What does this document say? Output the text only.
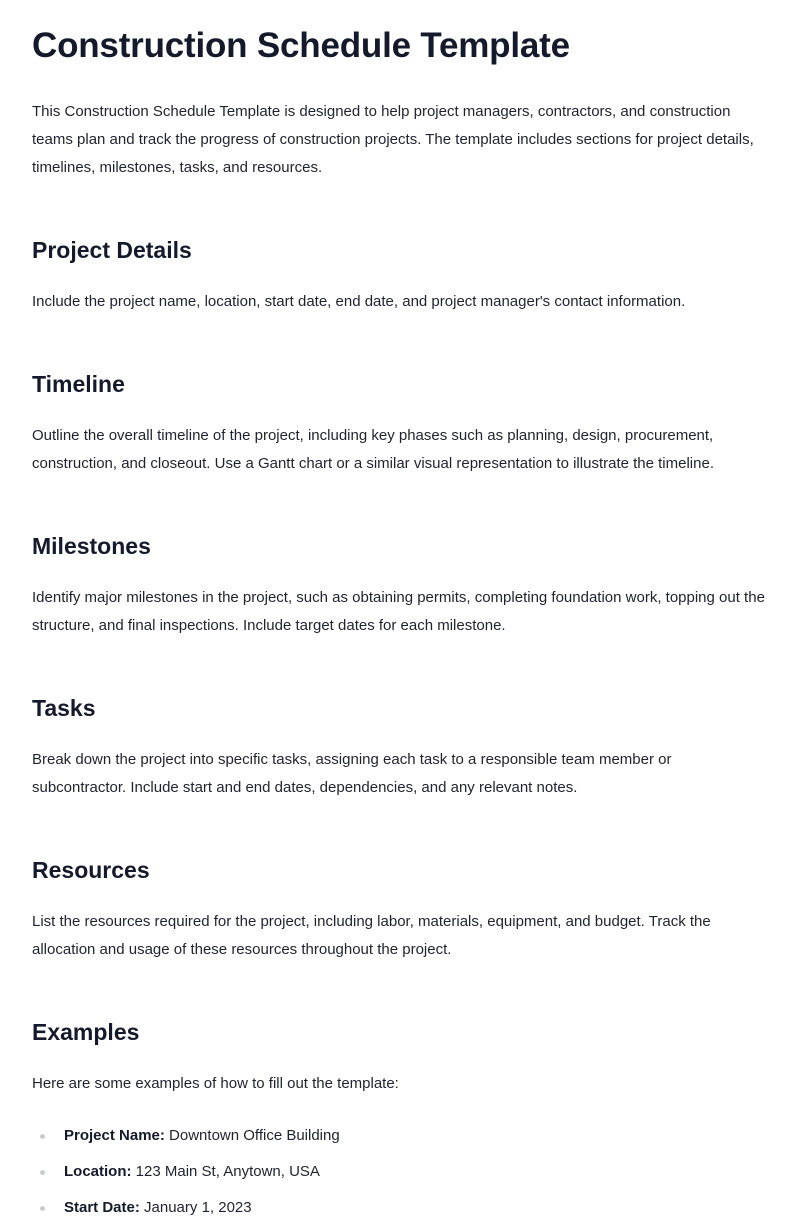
Construction Schedule Template

This Construction Schedule Template is designed to help project managers, contractors, and construction teams plan and track the progress of construction projects. The template includes sections for project details, timelines, milestones, tasks, and resources.

Project Details

Include the project name, location, start date, end date, and project manager's contact information.

Timeline

Outline the overall timeline of the project, including key phases such as planning, design, procurement, construction, and closeout. Use a Gantt chart or a similar visual representation to illustrate the timeline.

Milestones

Identify major milestones in the project, such as obtaining permits, completing foundation work, topping out the structure, and final inspections. Include target dates for each milestone.

Tasks

Break down the project into specific tasks, assigning each task to a responsible team member or subcontractor. Include start and end dates, dependencies, and any relevant notes.

Resources

List the resources required for the project, including labor, materials, equipment, and budget. Track the allocation and usage of these resources throughout the project.

Examples

Here are some examples of how to fill out the template:

Project Name: Downtown Office Building
Location: 123 Main St, Anytown, USA
Start Date: January 1, 2023
